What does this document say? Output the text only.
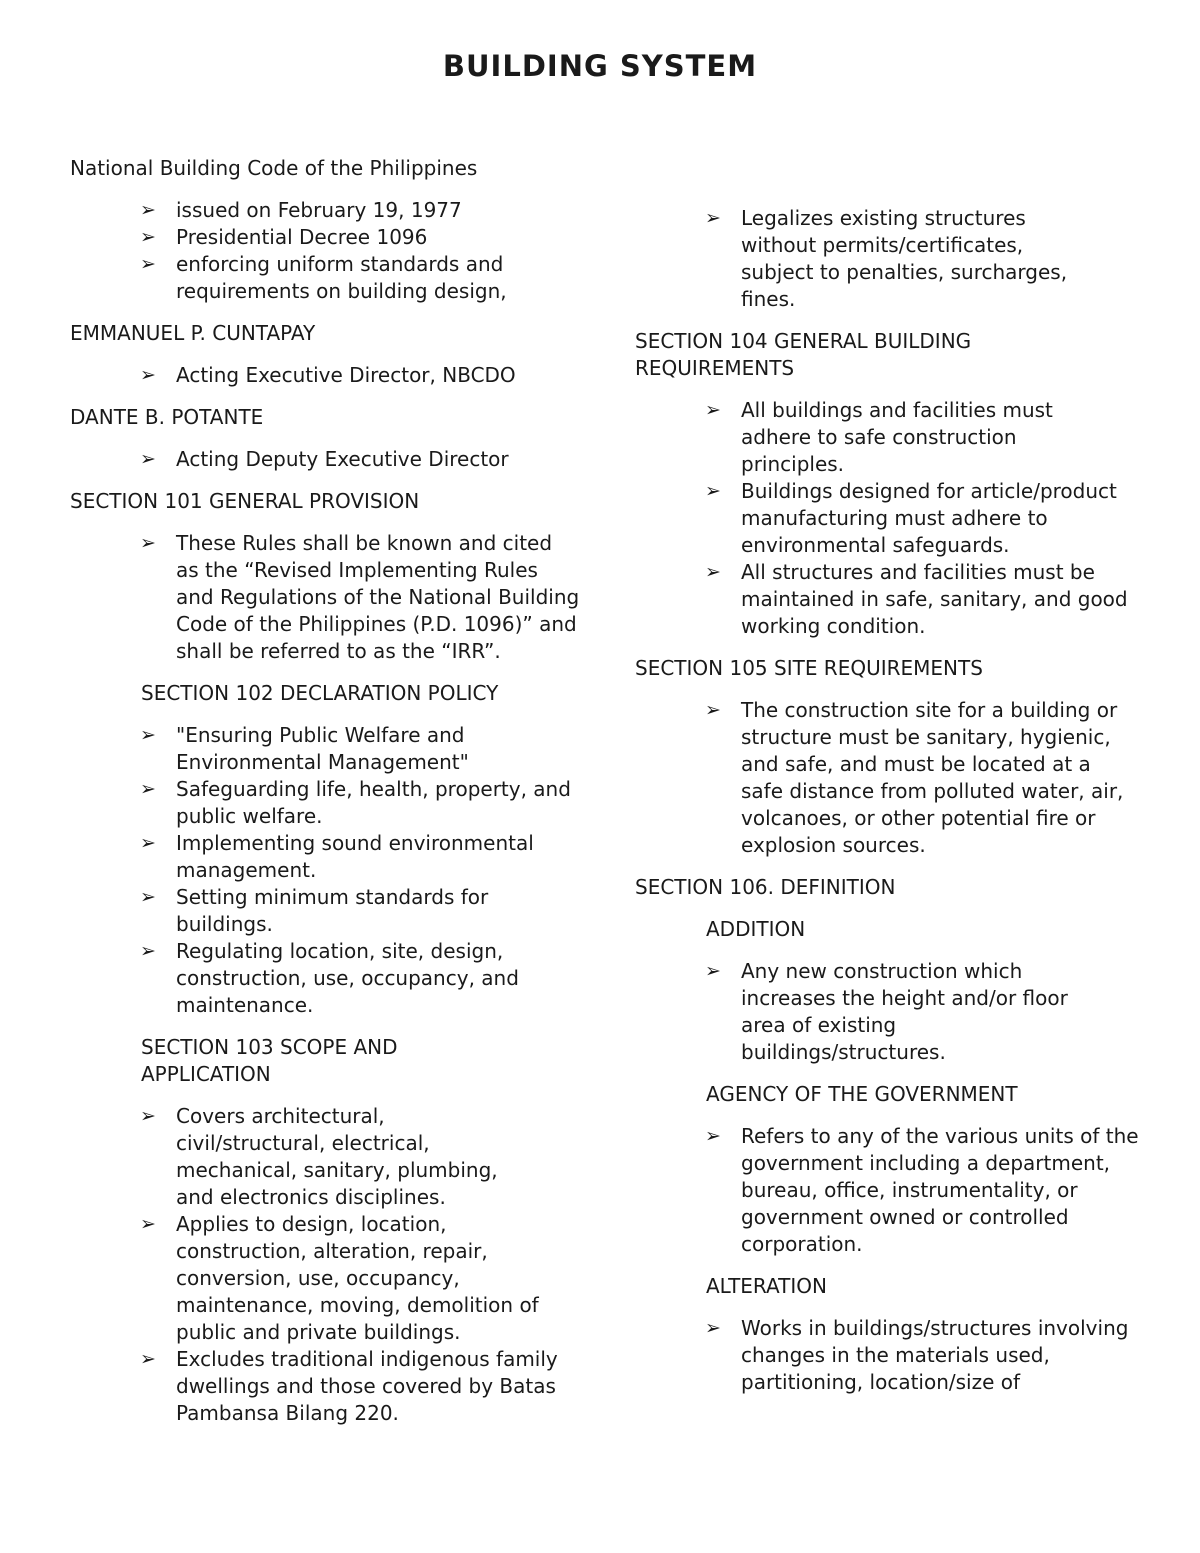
BUILDING SYSTEM

National Building Code of the Philippines

➢ issued on February 19, 1977
➢ Presidential Decree 1096
➢ enforcing uniform standards and requirements on building design,

EMMANUEL P. CUNTAPAY

➢ Acting Executive Director, NBCDO

DANTE B. POTANTE

➢ Acting Deputy Executive Director

SECTION 101 GENERAL PROVISION

➢ These Rules shall be known and cited as the “Revised Implementing Rules and Regulations of the National Building Code of the Philippines (P.D. 1096)” and shall be referred to as the “IRR”.

SECTION 102 DECLARATION POLICY

➢ "Ensuring Public Welfare and Environmental Management"
➢ Safeguarding life, health, property, and public welfare.
➢ Implementing sound environmental management.
➢ Setting minimum standards for buildings.
➢ Regulating location, site, design, construction, use, occupancy, and maintenance.

SECTION 103 SCOPE AND APPLICATION

➢ Covers architectural, civil/structural, electrical, mechanical, sanitary, plumbing, and electronics disciplines.
➢ Applies to design, location, construction, alteration, repair, conversion, use, occupancy, maintenance, moving, demolition of public and private buildings.
➢ Excludes traditional indigenous family dwellings and those covered by Batas Pambansa Bilang 220.
➢ Legalizes existing structures without permits/certificates, subject to penalties, surcharges, fines.

SECTION 104 GENERAL BUILDING REQUIREMENTS

➢ All buildings and facilities must adhere to safe construction principles.
➢ Buildings designed for article/product manufacturing must adhere to environmental safeguards.
➢ All structures and facilities must be maintained in safe, sanitary, and good working condition.

SECTION 105 SITE REQUIREMENTS

➢ The construction site for a building or structure must be sanitary, hygienic, and safe, and must be located at a safe distance from polluted water, air, volcanoes, or other potential fire or explosion sources.

SECTION 106. DEFINITION

ADDITION

➢ Any new construction which increases the height and/or floor area of existing buildings/structures.

AGENCY OF THE GOVERNMENT

➢ Refers to any of the various units of the government including a department, bureau, office, instrumentality, or government owned or controlled corporation.

ALTERATION

➢ Works in buildings/structures involving changes in the materials used, partitioning, location/size of
